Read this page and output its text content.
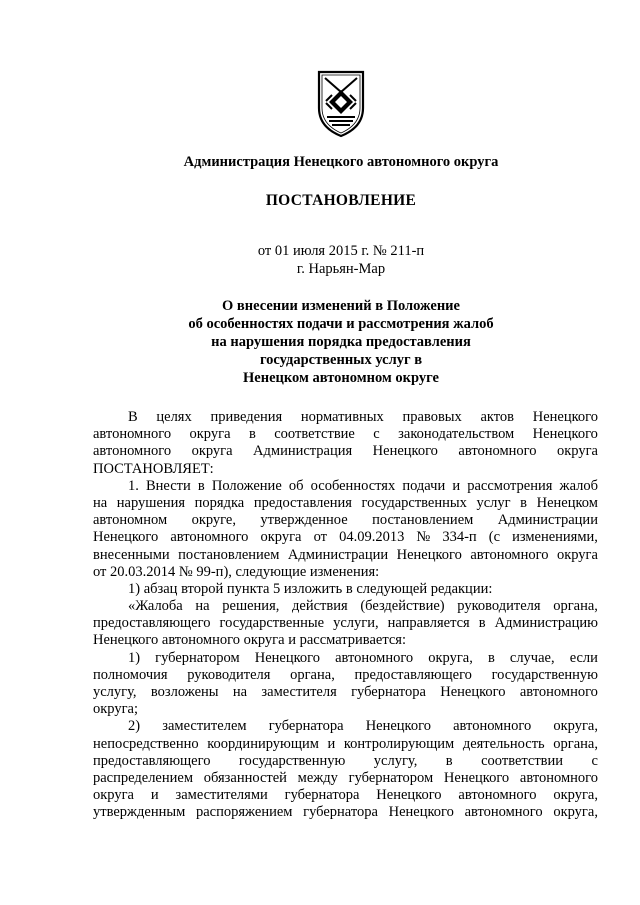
Администрация Ненецкого автономного округа
ПОСТАНОВЛЕНИЕ
от 01 июля 2015 г. № 211-п
г. Нарьян-Мар
О внесении изменений в Положение
об особенностях подачи и рассмотрения жалоб
на нарушения порядка предоставления
государственных услуг в
Ненецком автономном округе
В целях приведения нормативных правовых актов Ненецкого
автономного округа в соответствие с законодательством Ненецкого
автономного округа Администрация Ненецкого автономного округа
ПОСТАНОВЛЯЕТ:
1. Внести в Положение об особенностях подачи и рассмотрения жалоб
на нарушения порядка предоставления государственных услуг в Ненецком
автономном округе, утвержденное постановлением Администрации
Ненецкого автономного округа от 04.09.2013 № 334-п (с изменениями,
внесенными постановлением Администрации Ненецкого автономного округа
от 20.03.2014 № 99-п), следующие изменения:
1) абзац второй пункта 5 изложить в следующей редакции:
«Жалоба на решения, действия (бездействие) руководителя органа,
предоставляющего государственные услуги, направляется в Администрацию
Ненецкого автономного округа и рассматривается:
1) губернатором Ненецкого автономного округа, в случае, если
полномочия руководителя органа, предоставляющего государственную
услугу, возложены на заместителя губернатора Ненецкого автономного
округа;
2) заместителем губернатора Ненецкого автономного округа,
непосредственно координирующим и контролирующим деятельность органа,
предоставляющего государственную услугу, в соответствии с
распределением обязанностей между губернатором Ненецкого автономного
округа и заместителями губернатора Ненецкого автономного округа,
утвержденным распоряжением губернатора Ненецкого автономного округа,
